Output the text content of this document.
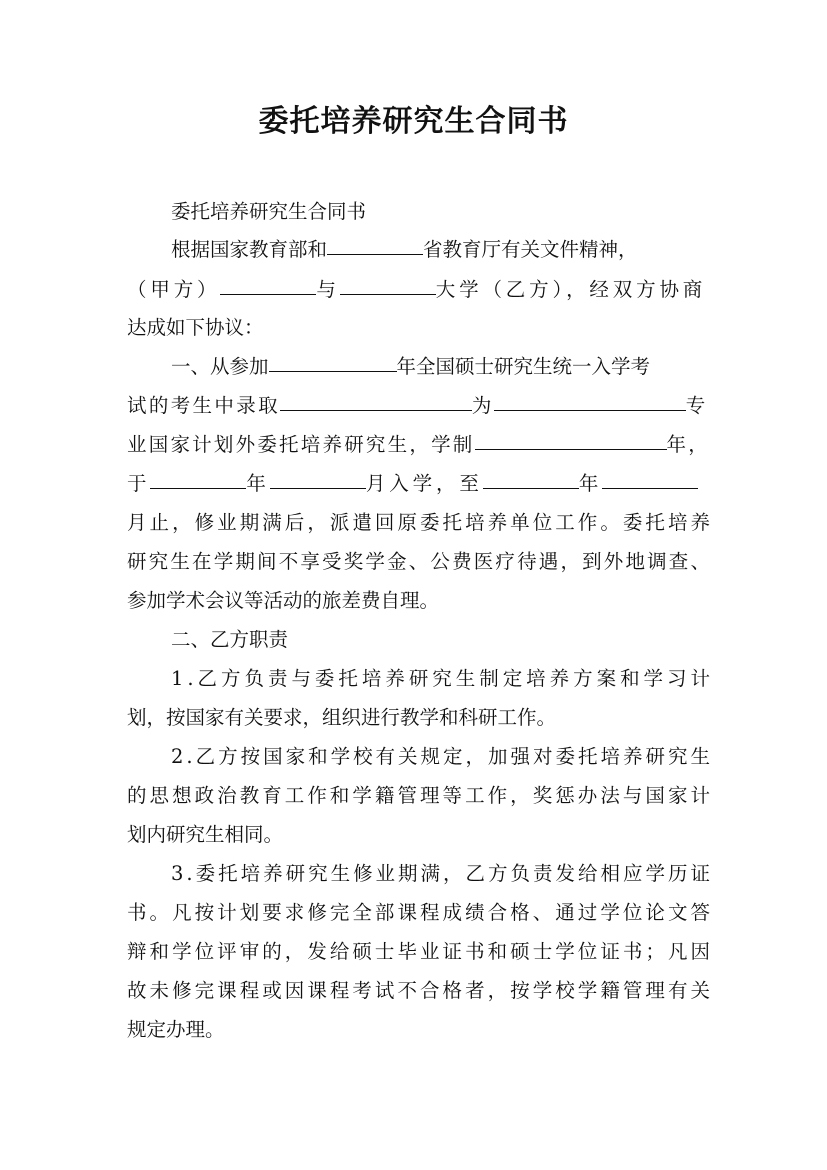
委托培养研究生合同书
委托培养研究生合同书
根据国家教育部和	省教育厅有关文件精神，
（甲方）	与	大学（乙方），经双方协商
达成如下协议：
一、从参加	年全国硕士研究生统一入学考
试的考生中录取	为	专
业国家计划外委托培养研究生，学制	年，
于	年	月入学，至	年
月止，修业期满后，派遣回原委托培养单位工作。委托培养
研究生在学期间不享受奖学金、公费医疗待遇，到外地调查、
参加学术会议等活动的旅差费自理。
二、乙方职责
1.乙方负责与委托培养研究生制定培养方案和学习计
划，按国家有关要求，组织进行教学和科研工作。
2.乙方按国家和学校有关规定，加强对委托培养研究生
的思想政治教育工作和学籍管理等工作，奖惩办法与国家计
划内研究生相同。
3.委托培养研究生修业期满，乙方负责发给相应学历证
书。凡按计划要求修完全部课程成绩合格、通过学位论文答
辩和学位评审的，发给硕士毕业证书和硕士学位证书；凡因
故未修完课程或因课程考试不合格者，按学校学籍管理有关
规定办理。
